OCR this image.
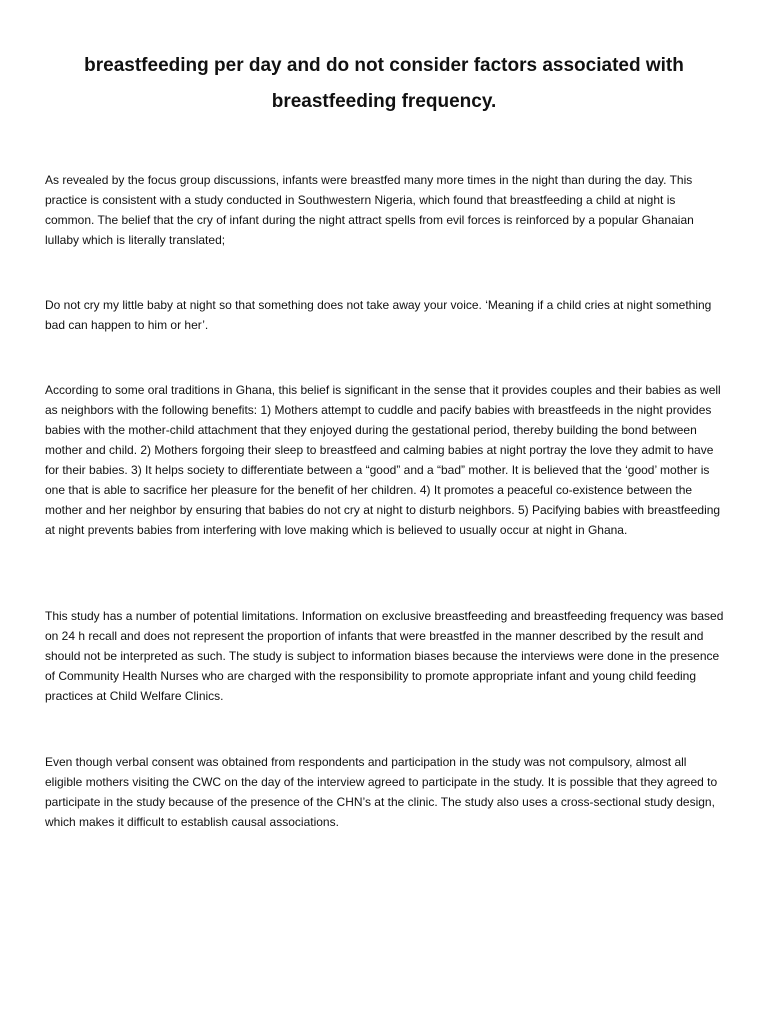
breastfeeding per day and do not consider factors associated with breastfeeding frequency.

As revealed by the focus group discussions, infants were breastfed many more times in the night than during the day. This practice is consistent with a study conducted in Southwestern Nigeria, which found that breastfeeding a child at night is common. The belief that the cry of infant during the night attract spells from evil forces is reinforced by a popular Ghanaian lullaby which is literally translated;

Do not cry my little baby at night so that something does not take away your voice. ‘Meaning if a child cries at night something bad can happen to him or her’.

According to some oral traditions in Ghana, this belief is significant in the sense that it provides couples and their babies as well as neighbors with the following benefits: 1) Mothers attempt to cuddle and pacify babies with breastfeeds in the night provides babies with the mother-child attachment that they enjoyed during the gestational period, thereby building the bond between mother and child. 2) Mothers forgoing their sleep to breastfeed and calming babies at night portray the love they admit to have for their babies. 3) It helps society to differentiate between a “good” and a “bad” mother. It is believed that the ‘good’ mother is one that is able to sacrifice her pleasure for the benefit of her children. 4) It promotes a peaceful co-existence between the mother and her neighbor by ensuring that babies do not cry at night to disturb neighbors. 5) Pacifying babies with breastfeeding at night prevents babies from interfering with love making which is believed to usually occur at night in Ghana.

This study has a number of potential limitations. Information on exclusive breastfeeding and breastfeeding frequency was based on 24 h recall and does not represent the proportion of infants that were breastfed in the manner described by the result and should not be interpreted as such. The study is subject to information biases because the interviews were done in the presence of Community Health Nurses who are charged with the responsibility to promote appropriate infant and young child feeding practices at Child Welfare Clinics.

Even though verbal consent was obtained from respondents and participation in the study was not compulsory, almost all eligible mothers visiting the CWC on the day of the interview agreed to participate in the study. It is possible that they agreed to participate in the study because of the presence of the CHN’s at the clinic. The study also uses a cross-sectional study design, which makes it difficult to establish causal associations.
